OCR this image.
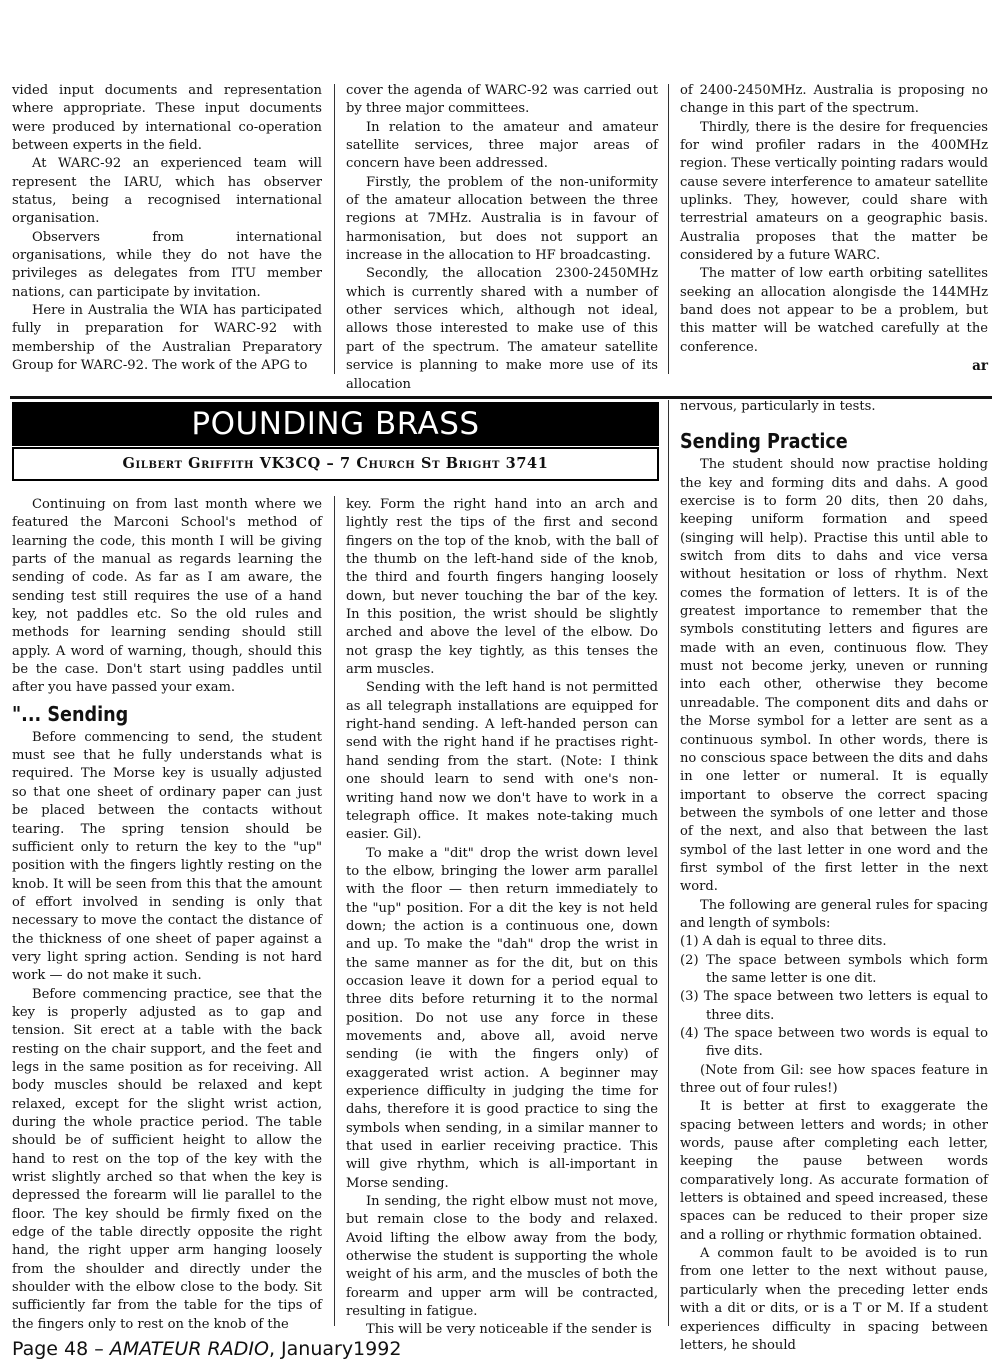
vided input documents and representation where appropriate. These input documents were produced by international co-operation between experts in the field.

At WARC-92 an experienced team will represent the IARU, which has observer status, being a recognised international organisation.

Observers from international organisations, while they do not have the privileges as delegates from ITU member nations, can participate by invitation.

Here in Australia the WIA has participated fully in preparation for WARC-92 with membership of the Australian Preparatory Group for WARC-92. The work of the APG to

cover the agenda of WARC-92 was carried out by three major committees.

In relation to the amateur and amateur satellite services, three major areas of concern have been addressed.

Firstly, the problem of the non-uniformity of the amateur allocation between the three regions at 7MHz. Australia is in favour of harmonisation, but does not support an increase in the allocation to HF broadcasting.

Secondly, the allocation 2300-2450MHz which is currently shared with a number of other services which, although not ideal, allows those interested to make use of this part of the spectrum. The amateur satellite service is planning to make more use of its allocation

of 2400-2450MHz. Australia is proposing no change in this part of the spectrum.

Thirdly, there is the desire for frequencies for wind profiler radars in the 400MHz region. These vertically pointing radars would cause severe interference to amateur satellite uplinks. They, however, could share with terrestrial amateurs on a geographic basis. Australia proposes that the matter be considered by a future WARC.

The matter of low earth orbiting satellites seeking an allocation alongisde the 144MHz band does not appear to be a problem, but this matter will be watched carefully at the conference.

ar
POUNDING BRASS
Gilbert Griffith VK3CQ – 7 Church St Bright 3741

Continuing on from last month where we featured the Marconi School's method of learning the code, this month I will be giving parts of the manual as regards learning the sending of code. As far as I am aware, the sending test still requires the use of a hand key, not paddles etc. So the old rules and methods for learning sending should still apply. A word of warning, though, should this be the case. Don't start using paddles until after you have passed your exam.

"... Sending

Before commencing to send, the student must see that he fully understands what is required. The Morse key is usually adjusted so that one sheet of ordinary paper can just be placed between the contacts without tearing. The spring tension should be sufficient only to return the key to the "up" position with the fingers lightly resting on the knob. It will be seen from this that the amount of effort involved in sending is only that necessary to move the contact the distance of the thickness of one sheet of paper against a very light spring action. Sending is not hard work — do not make it such.

Before commencing practice, see that the key is properly adjusted as to gap and tension. Sit erect at a table with the back resting on the chair support, and the feet and legs in the same position as for receiving. All body muscles should be relaxed and kept relaxed, except for the slight wrist action, during the whole practice period. The table should be of sufficient height to allow the hand to rest on the top of the key with the wrist slightly arched so that when the key is depressed the forearm will lie parallel to the floor. The key should be firmly fixed on the edge of the table directly opposite the right hand, the right upper arm hanging loosely from the shoulder and directly under the shoulder with the elbow close to the body. Sit sufficiently far from the table for the tips of the fingers only to rest on the knob of the

key. Form the right hand into an arch and lightly rest the tips of the first and second fingers on the top of the knob, with the ball of the thumb on the left-hand side of the knob, the third and fourth fingers hanging loosely down, but never touching the bar of the key. In this position, the wrist should be slightly arched and above the level of the elbow. Do not grasp the key tightly, as this tenses the arm muscles.

Sending with the left hand is not permitted as all telegraph installations are equipped for right-hand sending. A left-handed person can send with the right hand if he practises right-hand sending from the start. (Note: I think one should learn to send with one's non-writing hand now we don't have to work in a telegraph office. It makes note-taking much easier. Gil).

To make a "dit" drop the wrist down level to the elbow, bringing the lower arm parallel with the floor — then return immediately to the "up" position. For a dit the key is not held down; the action is a continuous one, down and up. To make the "dah" drop the wrist in the same manner as for the dit, but on this occasion leave it down for a period equal to three dits before returning it to the normal position. Do not use any force in these movements and, above all, avoid nerve sending (ie with the fingers only) of exaggerated wrist action. A beginner may experience difficulty in judging the time for dahs, therefore it is good practice to sing the symbols when sending, in a similar manner to that used in earlier receiving practice. This will give rhythm, which is all-important in Morse sending.

In sending, the right elbow must not move, but remain close to the body and relaxed. Avoid lifting the elbow away from the body, otherwise the student is supporting the whole weight of his arm, and the muscles of both the forearm and upper arm will be contracted, resulting in fatigue.

This will be very noticeable if the sender is

nervous, particularly in tests.

Sending Practice

The student should now practise holding the key and forming dits and dahs. A good exercise is to form 20 dits, then 20 dahs, keeping uniform formation and speed (singing will help). Practise this until able to switch from dits to dahs and vice versa without hesitation or loss of rhythm. Next comes the formation of letters. It is of the greatest importance to remember that the symbols constituting letters and figures are made with an even, continuous flow. They must not become jerky, uneven or running into each other, otherwise they become unreadable. The component dits and dahs or the Morse symbol for a letter are sent as a continuous symbol. In other words, there is no conscious space between the dits and dahs in one letter or numeral. It is equally important to observe the correct spacing between the symbols of one letter and those of the next, and also that between the last symbol of the last letter in one word and the first symbol of the first letter in the next word.

The following are general rules for spacing and length of symbols:

(1) A dah is equal to three dits.
(2) The space between symbols which form the same letter is one dit.
(3) The space between two letters is equal to three dits.
(4) The space between two words is equal to five dits.

(Note from Gil: see how spaces feature in three out of four rules!)

It is better at first to exaggerate the spacing between letters and words; in other words, pause after completing each letter, keeping the pause between words comparatively long. As accurate formation of letters is obtained and speed increased, these spaces can be reduced to their proper size and a rolling or rhythmic formation obtained.

A common fault to be avoided is to run from one letter to the next without pause, particularly when the preceding letter ends with a dit or dits, or is a T or M. If a student experiences difficulty in spacing between letters, he should

Page 48 – AMATEUR RADIO, January1992
